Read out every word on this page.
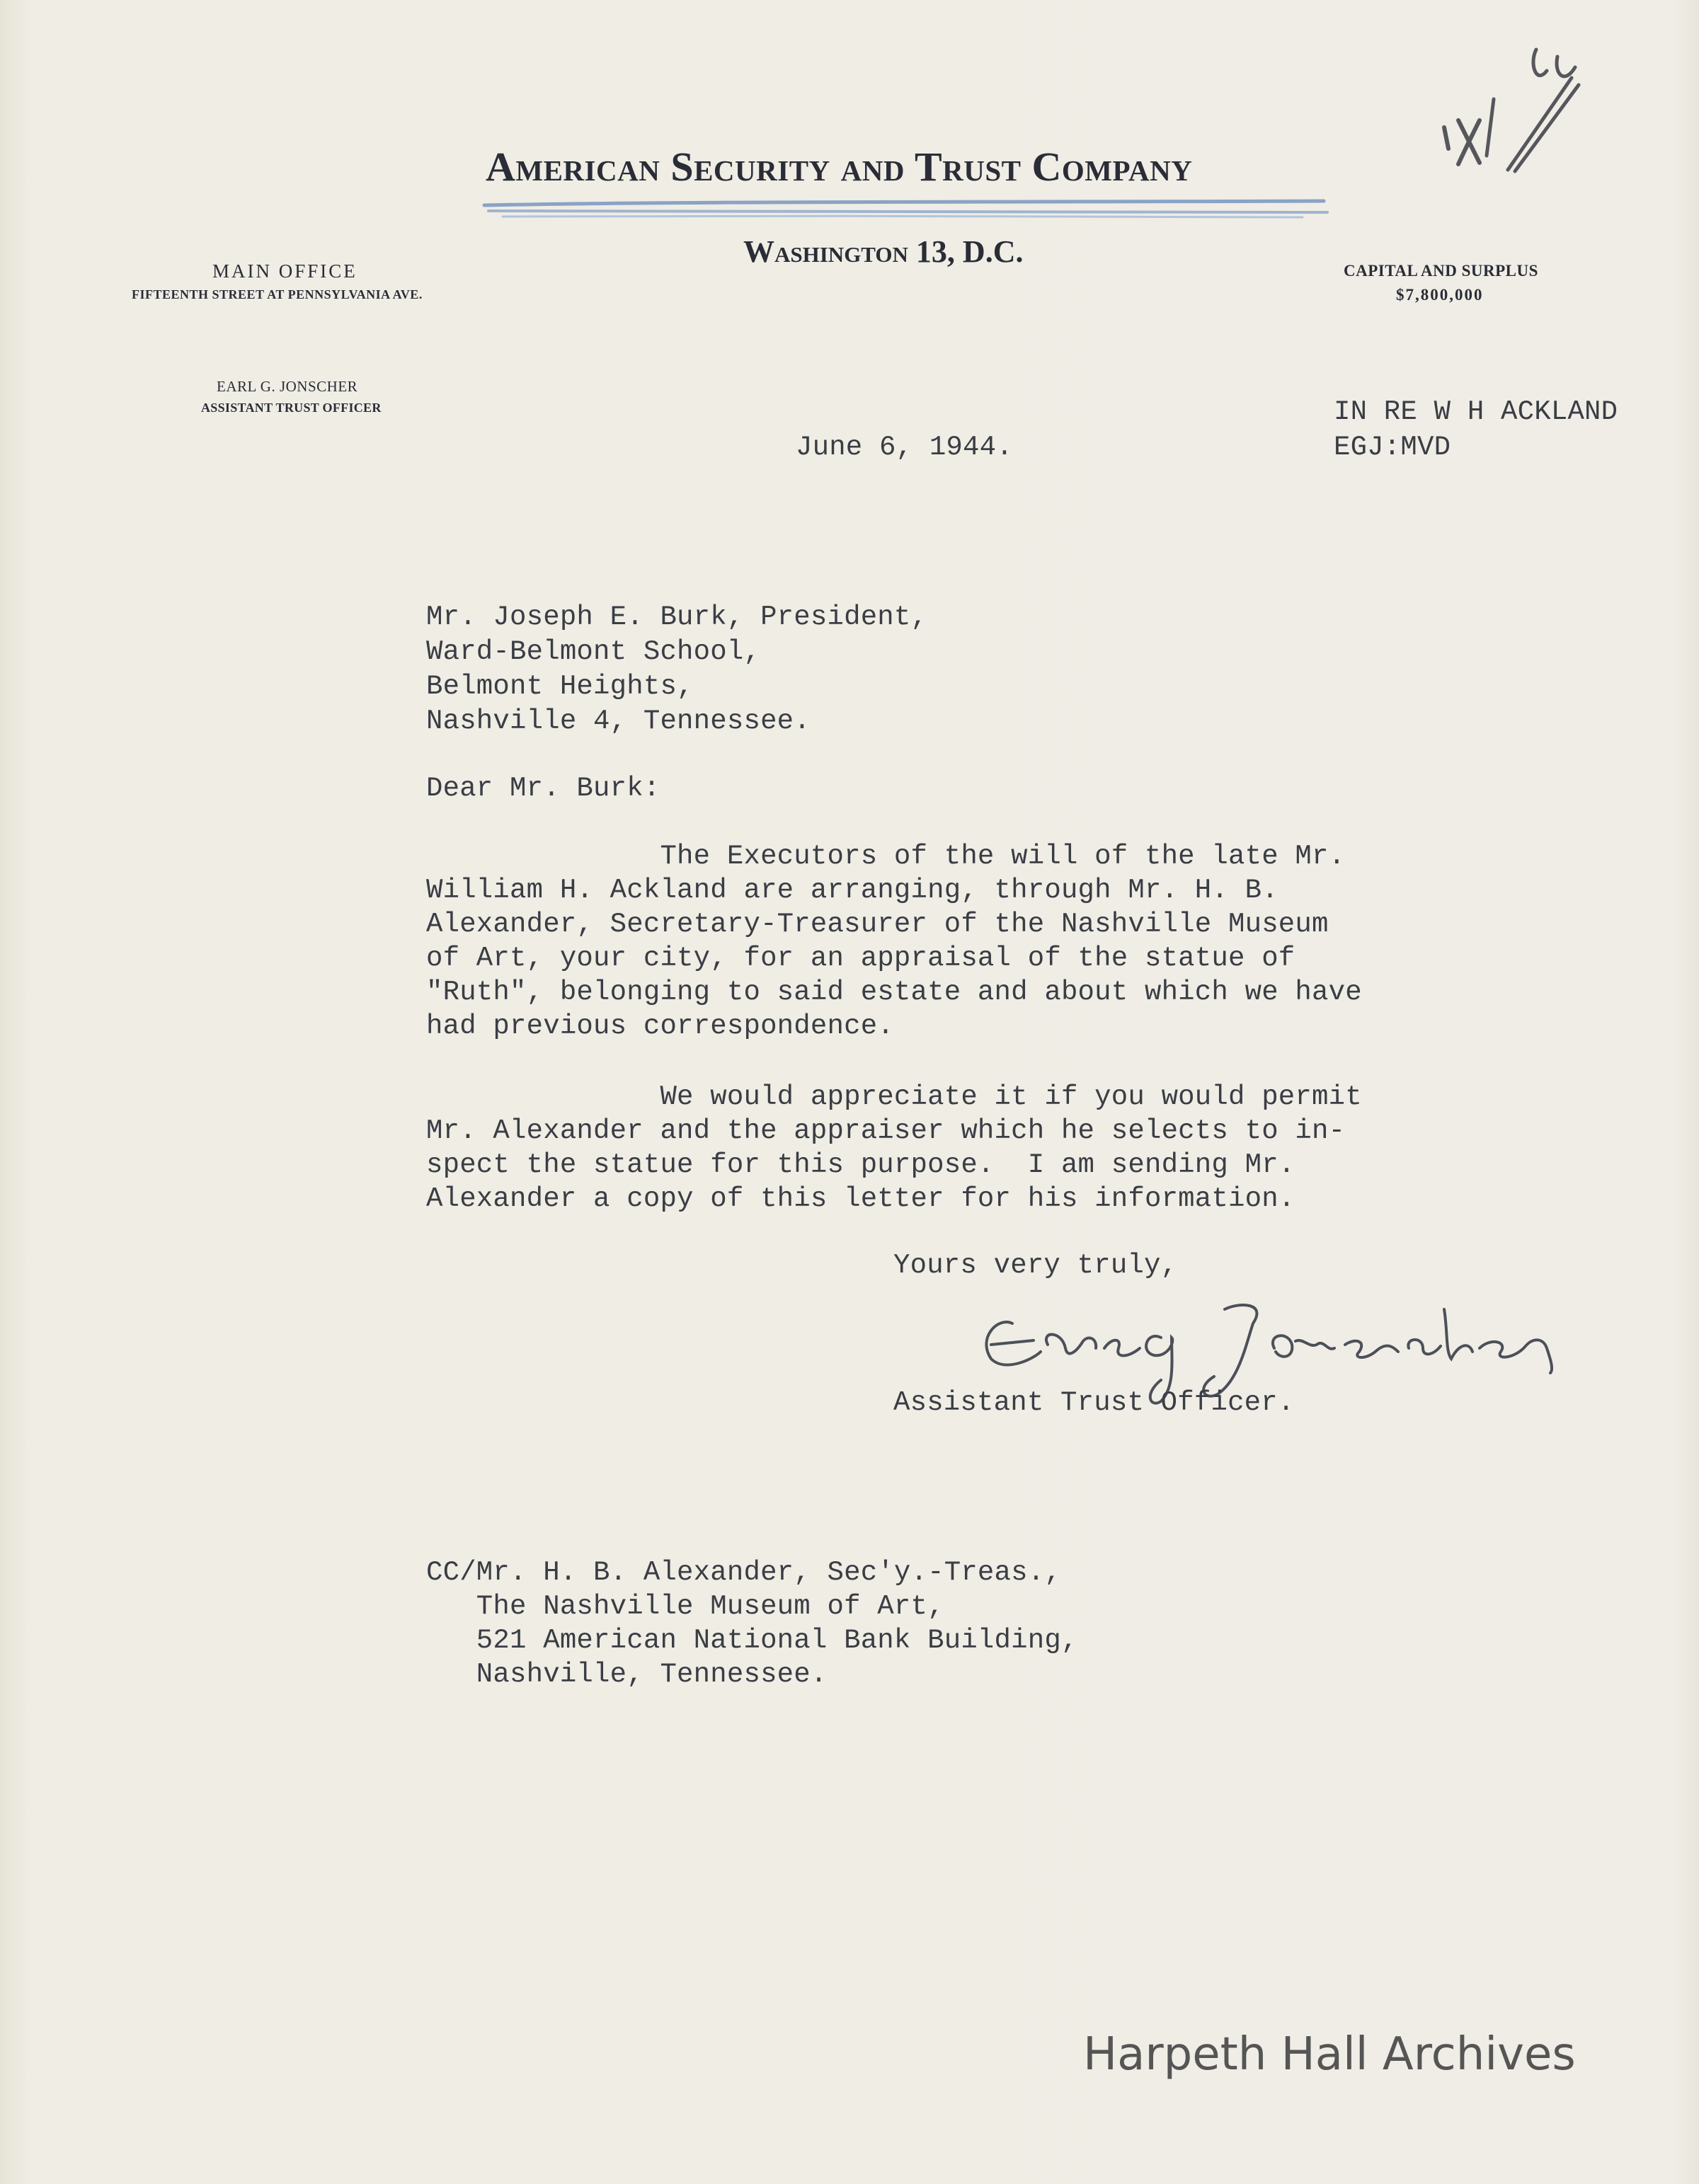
American Security and Trust Company
Washington 13, D.C.
MAIN OFFICE
FIFTEENTH STREET AT PENNSYLVANIA AVE.
CAPITAL AND SURPLUS
$7,800,000
EARL G. JONSCHER
ASSISTANT TRUST OFFICER	IN RE W H ACKLAND
EGJ:MVD
June 6, 1944.
Mr. Joseph E. Burk, President,
Ward-Belmont School,
Belmont Heights,
Nashville 4, Tennessee.
Dear Mr. Burk:
The Executors of the will of the late Mr.
William H. Ackland are arranging, through Mr. H. B.
Alexander, Secretary-Treasurer of the Nashville Museum
of Art, your city, for an appraisal of the statue of
"Ruth", belonging to said estate and about which we have
had previous correspondence.
We would appreciate it if you would permit
Mr. Alexander and the appraiser which he selects to in-
spect the statue for this purpose.  I am sending Mr.
Alexander a copy of this letter for his information.
Yours very truly,
Assistant Trust Officer.
CC/Mr. H. B. Alexander, Sec'y.-Treas.,
The Nashville Museum of Art,
521 American National Bank Building,
Nashville, Tennessee.
Harpeth Hall Archives
